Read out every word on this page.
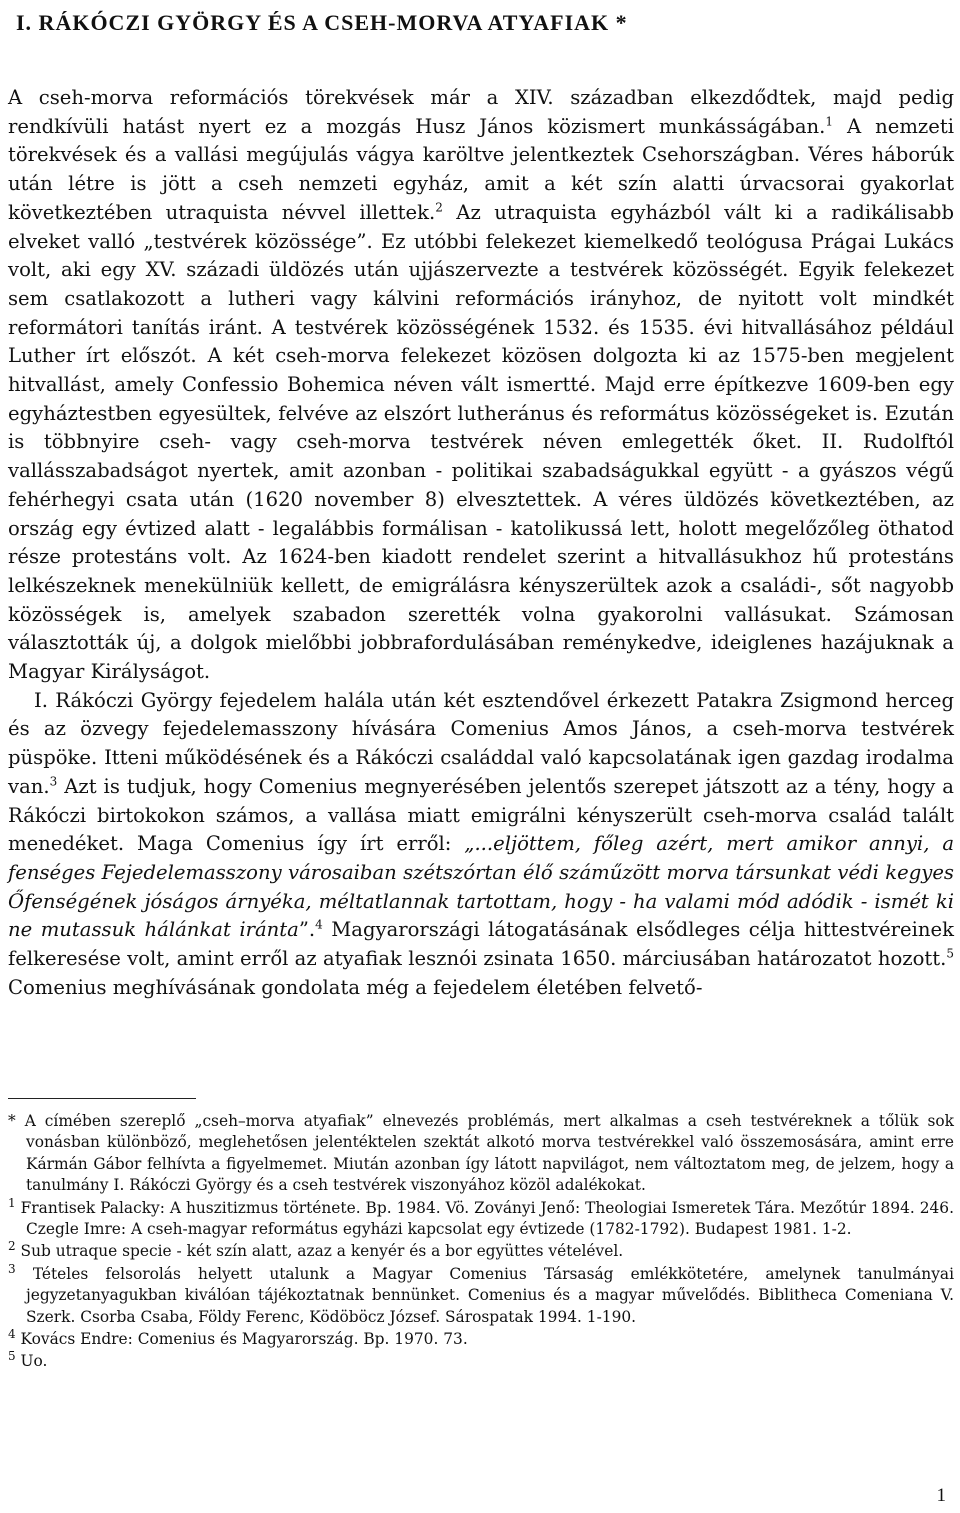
I. RÁKÓCZI GYÖRGY ÉS A CSEH-MORVA ATYAFIAK *

A cseh-morva reformációs törekvések már a XIV. században elkezdődtek, majd pedig rendkívüli hatást nyert ez a mozgás Husz János közismert munkásságában.$^1$ A nemzeti törekvések és a vallási megújulás vágya karöltve jelentkeztek Csehországban. Véres háborúk után létre is jött a cseh nemzeti egyház, amit a két szín alatti úrvacsorai gyakorlat következtében utraquista névvel illettek.$^2$ Az utraquista egyházból vált ki a radikálisabb elveket valló „testvérek közössége”. Ez utóbbi felekezet kiemelkedő teológusa Prágai Lukács volt, aki egy XV. századi üldözés után ujjászervezte a testvérek közösségét. Egyik felekezet sem csatlakozott a lutheri vagy kálvini reformációs irányhoz, de nyitott volt mindkét reformátori tanítás iránt. A testvérek közösségének 1532. és 1535. évi hitvallásához például Luther írt előszót. A két cseh-morva felekezet közösen dolgozta ki az 1575-ben megjelent hitvallást, amely Confessio Bohemica néven vált ismertté. Majd erre építkezve 1609-ben egy egyháztestben egyesültek, felvéve az elszórt lutheránus és református közösségeket is. Ezután is többnyire cseh- vagy cseh-morva testvérek néven emlegették őket. II. Rudolftól vallásszabadságot nyertek, amit azonban - politikai szabadságukkal együtt - a gyászos végű fehérhegyi csata után (1620 november 8) elvesztettek. A véres üldözés következtében, az ország egy évtized alatt - legalábbis formálisan - katolikussá lett, holott megelőzőleg öthatod része protestáns volt. Az 1624-ben kiadott rendelet szerint a hitvallásukhoz hű protestáns lelkészeknek menekülniük kellett, de emigrálásra kényszerültek azok a családi-, sőt nagyobb közösségek is, amelyek szabadon szerették volna gyakorolni vallásukat. Számosan választották új, a dolgok mielőbbi jobbrafordulásában reménykedve, ideiglenes hazájuknak a Magyar Királyságot.

I. Rákóczi György fejedelem halála után két esztendővel érkezett Patakra Zsigmond herceg és az özvegy fejedelemasszony hívására Comenius Amos János, a cseh-morva testvérek püspöke. Itteni működésének és a Rákóczi családdal való kapcsolatának igen gazdag irodalma van.$^3$ Azt is tudjuk, hogy Comenius megnyerésében jelentős szerepet játszott az a tény, hogy a Rákóczi birtokokon számos, a vallása miatt emigrálni kényszerült cseh-morva család talált menedéket. Maga Comenius így írt erről: „...eljöttem, főleg azért, mert amikor annyi, a fenséges Fejedelemasszony városaiban szétszórtan élő száműzött morva társunkat védi kegyes Őfenségének jóságos árnyéka, méltatlannak tartottam, hogy - ha valami mód adódik - ismét ki ne mutassuk hálánkat iránta”.$^4$ Magyarországi látogatásának elsődleges célja hittestvéreinek felkeresése volt, amint erről az atyafiak lesznói zsinata 1650. márciusában határozatot hozott.$^5$ Comenius meghívásának gondolata még a fejedelem életében felvető-

* A címében szereplő „cseh–morva atyafiak” elnevezés problémás, mert alkalmas a cseh testvéreknek a tőlük sok vonásban különböző, meglehetősen jelentéktelen szektát alkotó morva testvérekkel való összemosására, amint erre Kármán Gábor felhívta a figyelmemet. Miután azonban így látott napvilágot, nem változtatom meg, de jelzem, hogy a tanulmány I. Rákóczi György és a cseh testvérek viszonyához közöl adalékokat.

$^1$ Frantisek Palacky: A huszitizmus története. Bp. 1984. Vö. Zoványi Jenő: Theologiai Ismeretek Tára. Mezőtúr 1894. 246. Czegle Imre: A cseh-magyar református egyházi kapcsolat egy évtizede (1782-1792). Budapest 1981. 1-2.

$^2$ Sub utraque specie - két szín alatt, azaz a kenyér és a bor együttes vételével.

$^3$ Tételes felsorolás helyett utalunk a Magyar Comenius Társaság emlékkötetére, amelynek tanulmányai jegyzetanyagukban kiválóan tájékoztatnak bennünket. Comenius és a magyar művelődés. Biblitheca Comeniana V. Szerk. Csorba Csaba, Földy Ferenc, Ködöböcz József. Sárospatak 1994. 1-190.

$^4$ Kovács Endre: Comenius és Magyarország. Bp. 1970. 73.

$^5$ Uo.

1
